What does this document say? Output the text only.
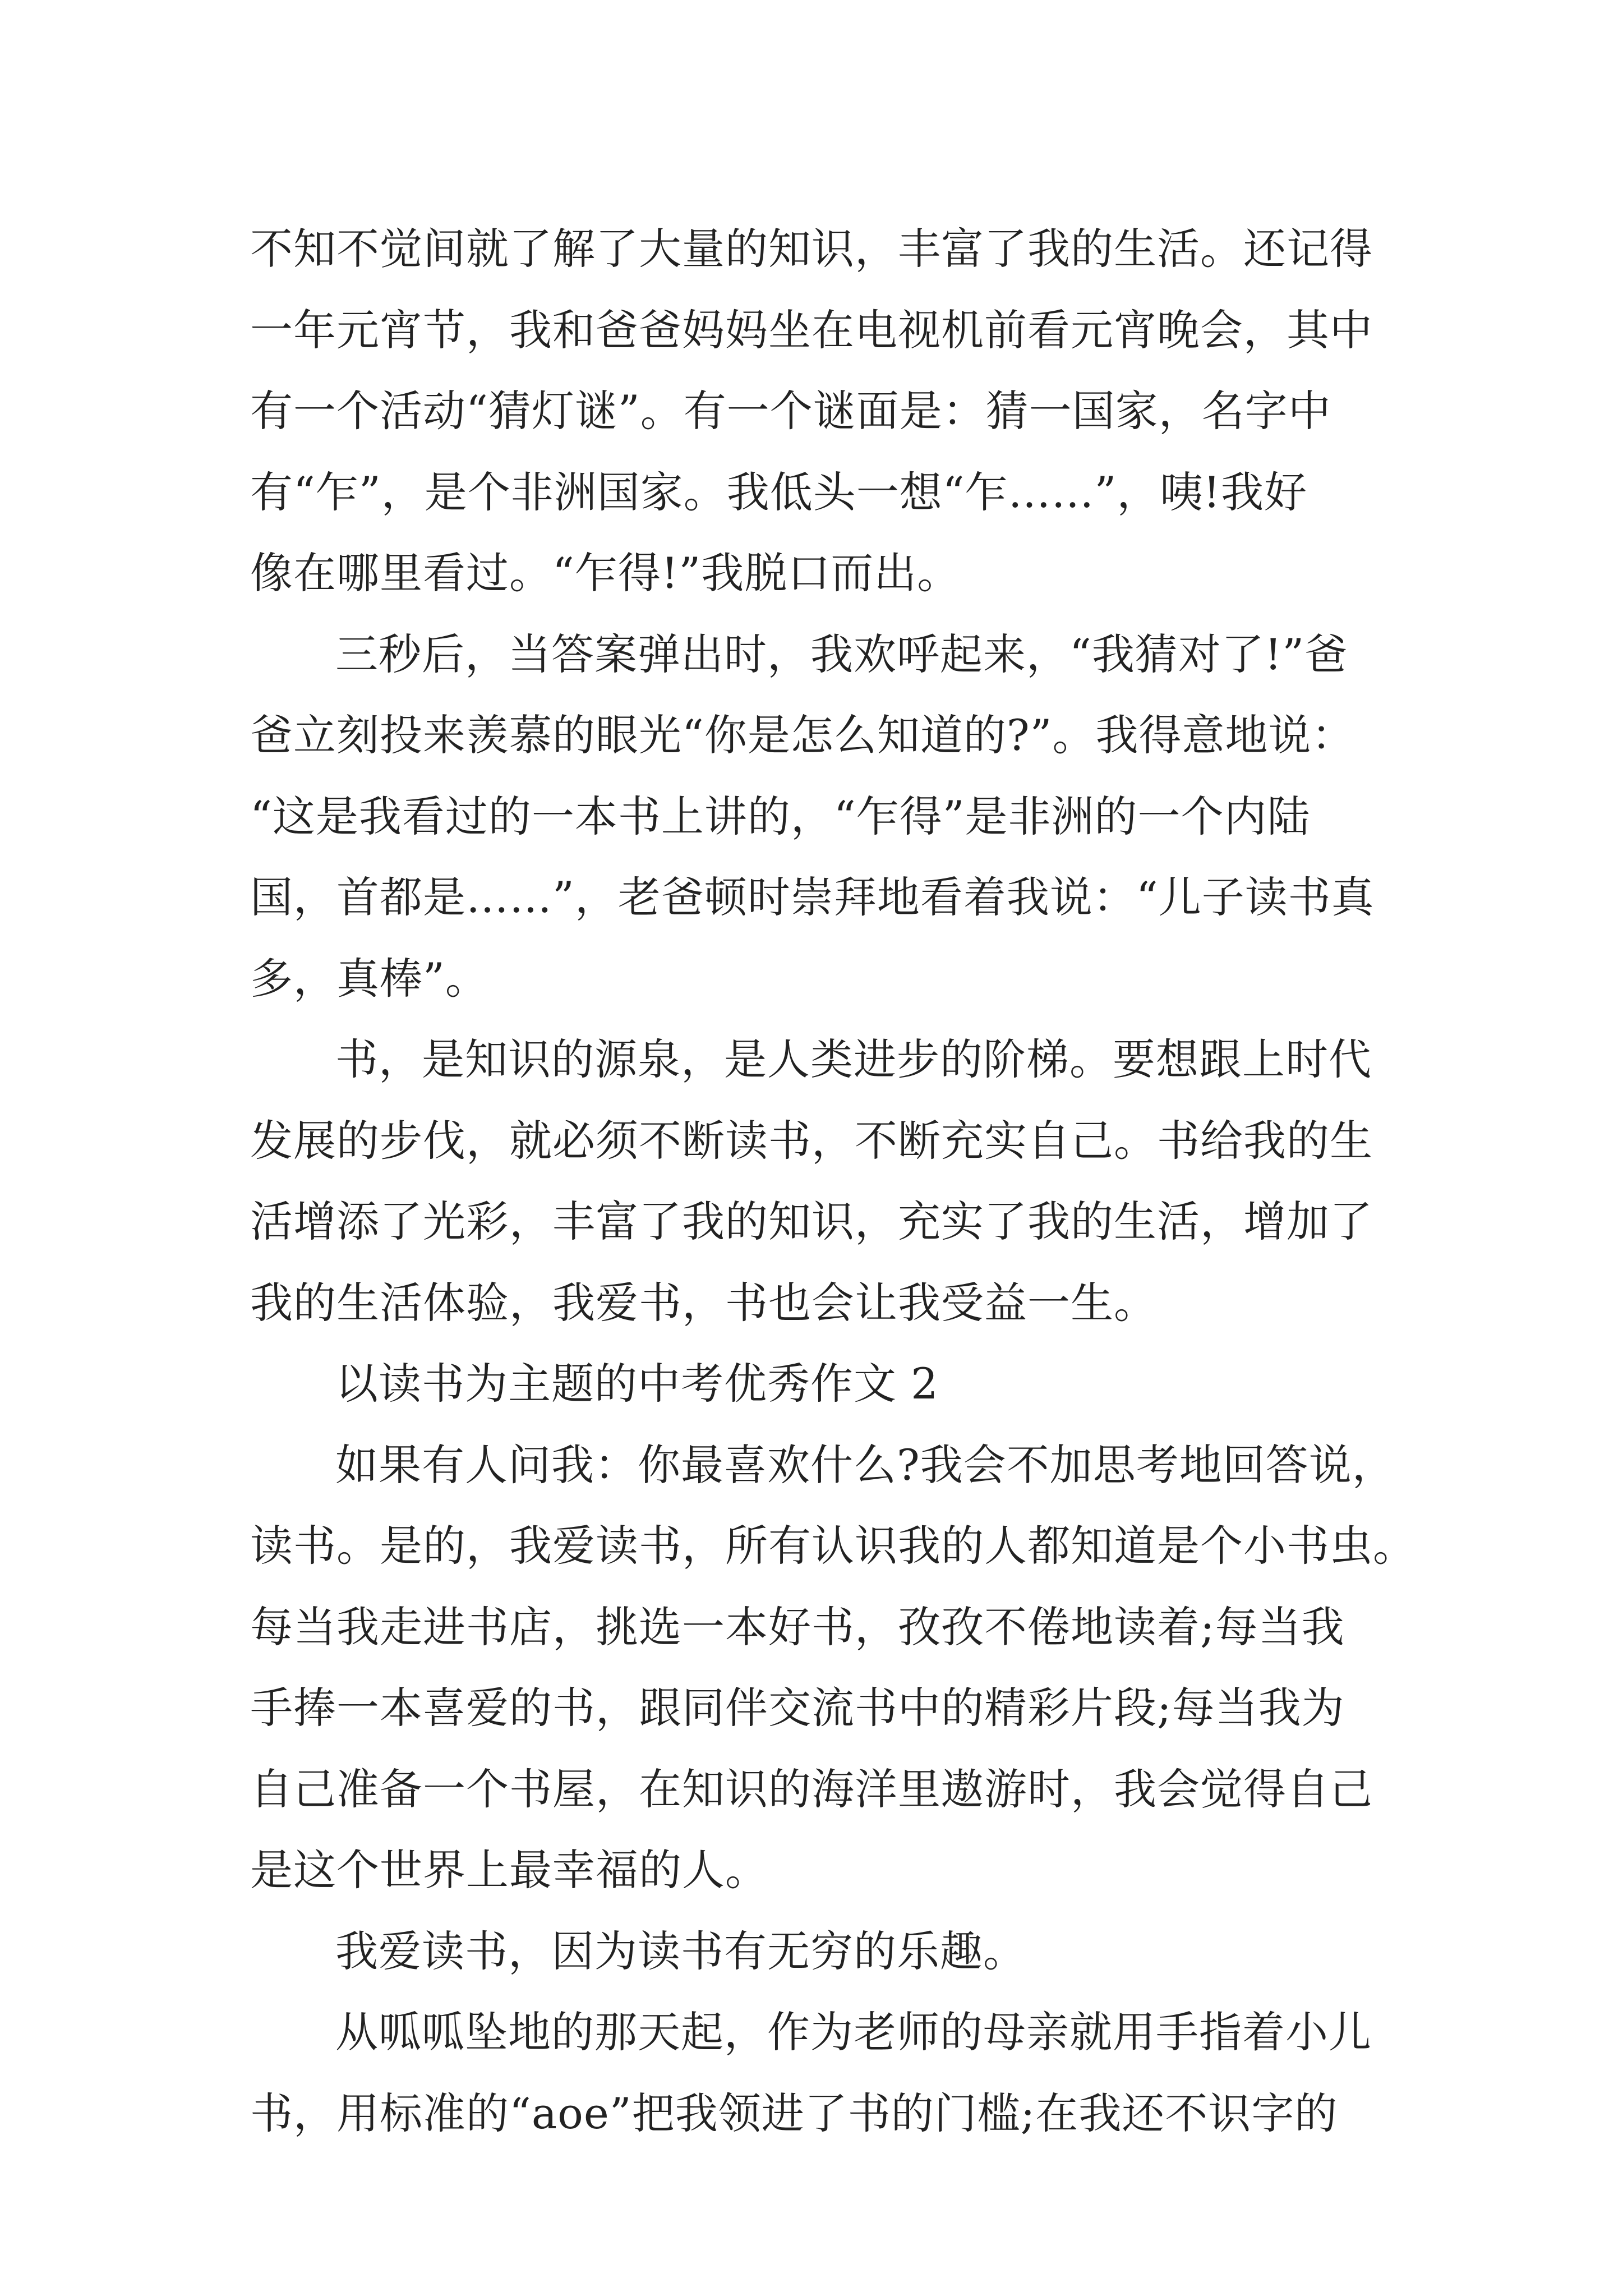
不知不觉间就了解了大量的知识，丰富了我的生活。还记得
一年元宵节，我和爸爸妈妈坐在电视机前看元宵晚会，其中
有一个活动“猜灯谜”。有一个谜面是：猜一国家，名字中
有“乍”，是个非洲国家。我低头一想“乍……”，咦!我好
像在哪里看过。“乍得!”我脱口而出。
三秒后，当答案弹出时，我欢呼起来，“我猜对了!”爸
爸立刻投来羡慕的眼光“你是怎么知道的?”。我得意地说：
“这是我看过的一本书上讲的，“乍得”是非洲的一个内陆
国，首都是……”，老爸顿时崇拜地看着我说：“儿子读书真
多，真棒”。
书，是知识的源泉，是人类进步的阶梯。要想跟上时代
发展的步伐，就必须不断读书，不断充实自己。书给我的生
活增添了光彩，丰富了我的知识，充实了我的生活，增加了
我的生活体验，我爱书，书也会让我受益一生。
以读书为主题的中考优秀作文 2
如果有人问我：你最喜欢什么?我会不加思考地回答说，
读书。是的，我爱读书，所有认识我的人都知道是个小书虫。
每当我走进书店，挑选一本好书，孜孜不倦地读着;每当我
手捧一本喜爱的书，跟同伴交流书中的精彩片段;每当我为
自己准备一个书屋，在知识的海洋里遨游时，我会觉得自己
是这个世界上最幸福的人。
我爱读书，因为读书有无穷的乐趣。
从呱呱坠地的那天起，作为老师的母亲就用手指着小儿
书，用标准的“aoe”把我领进了书的门槛;在我还不识字的
